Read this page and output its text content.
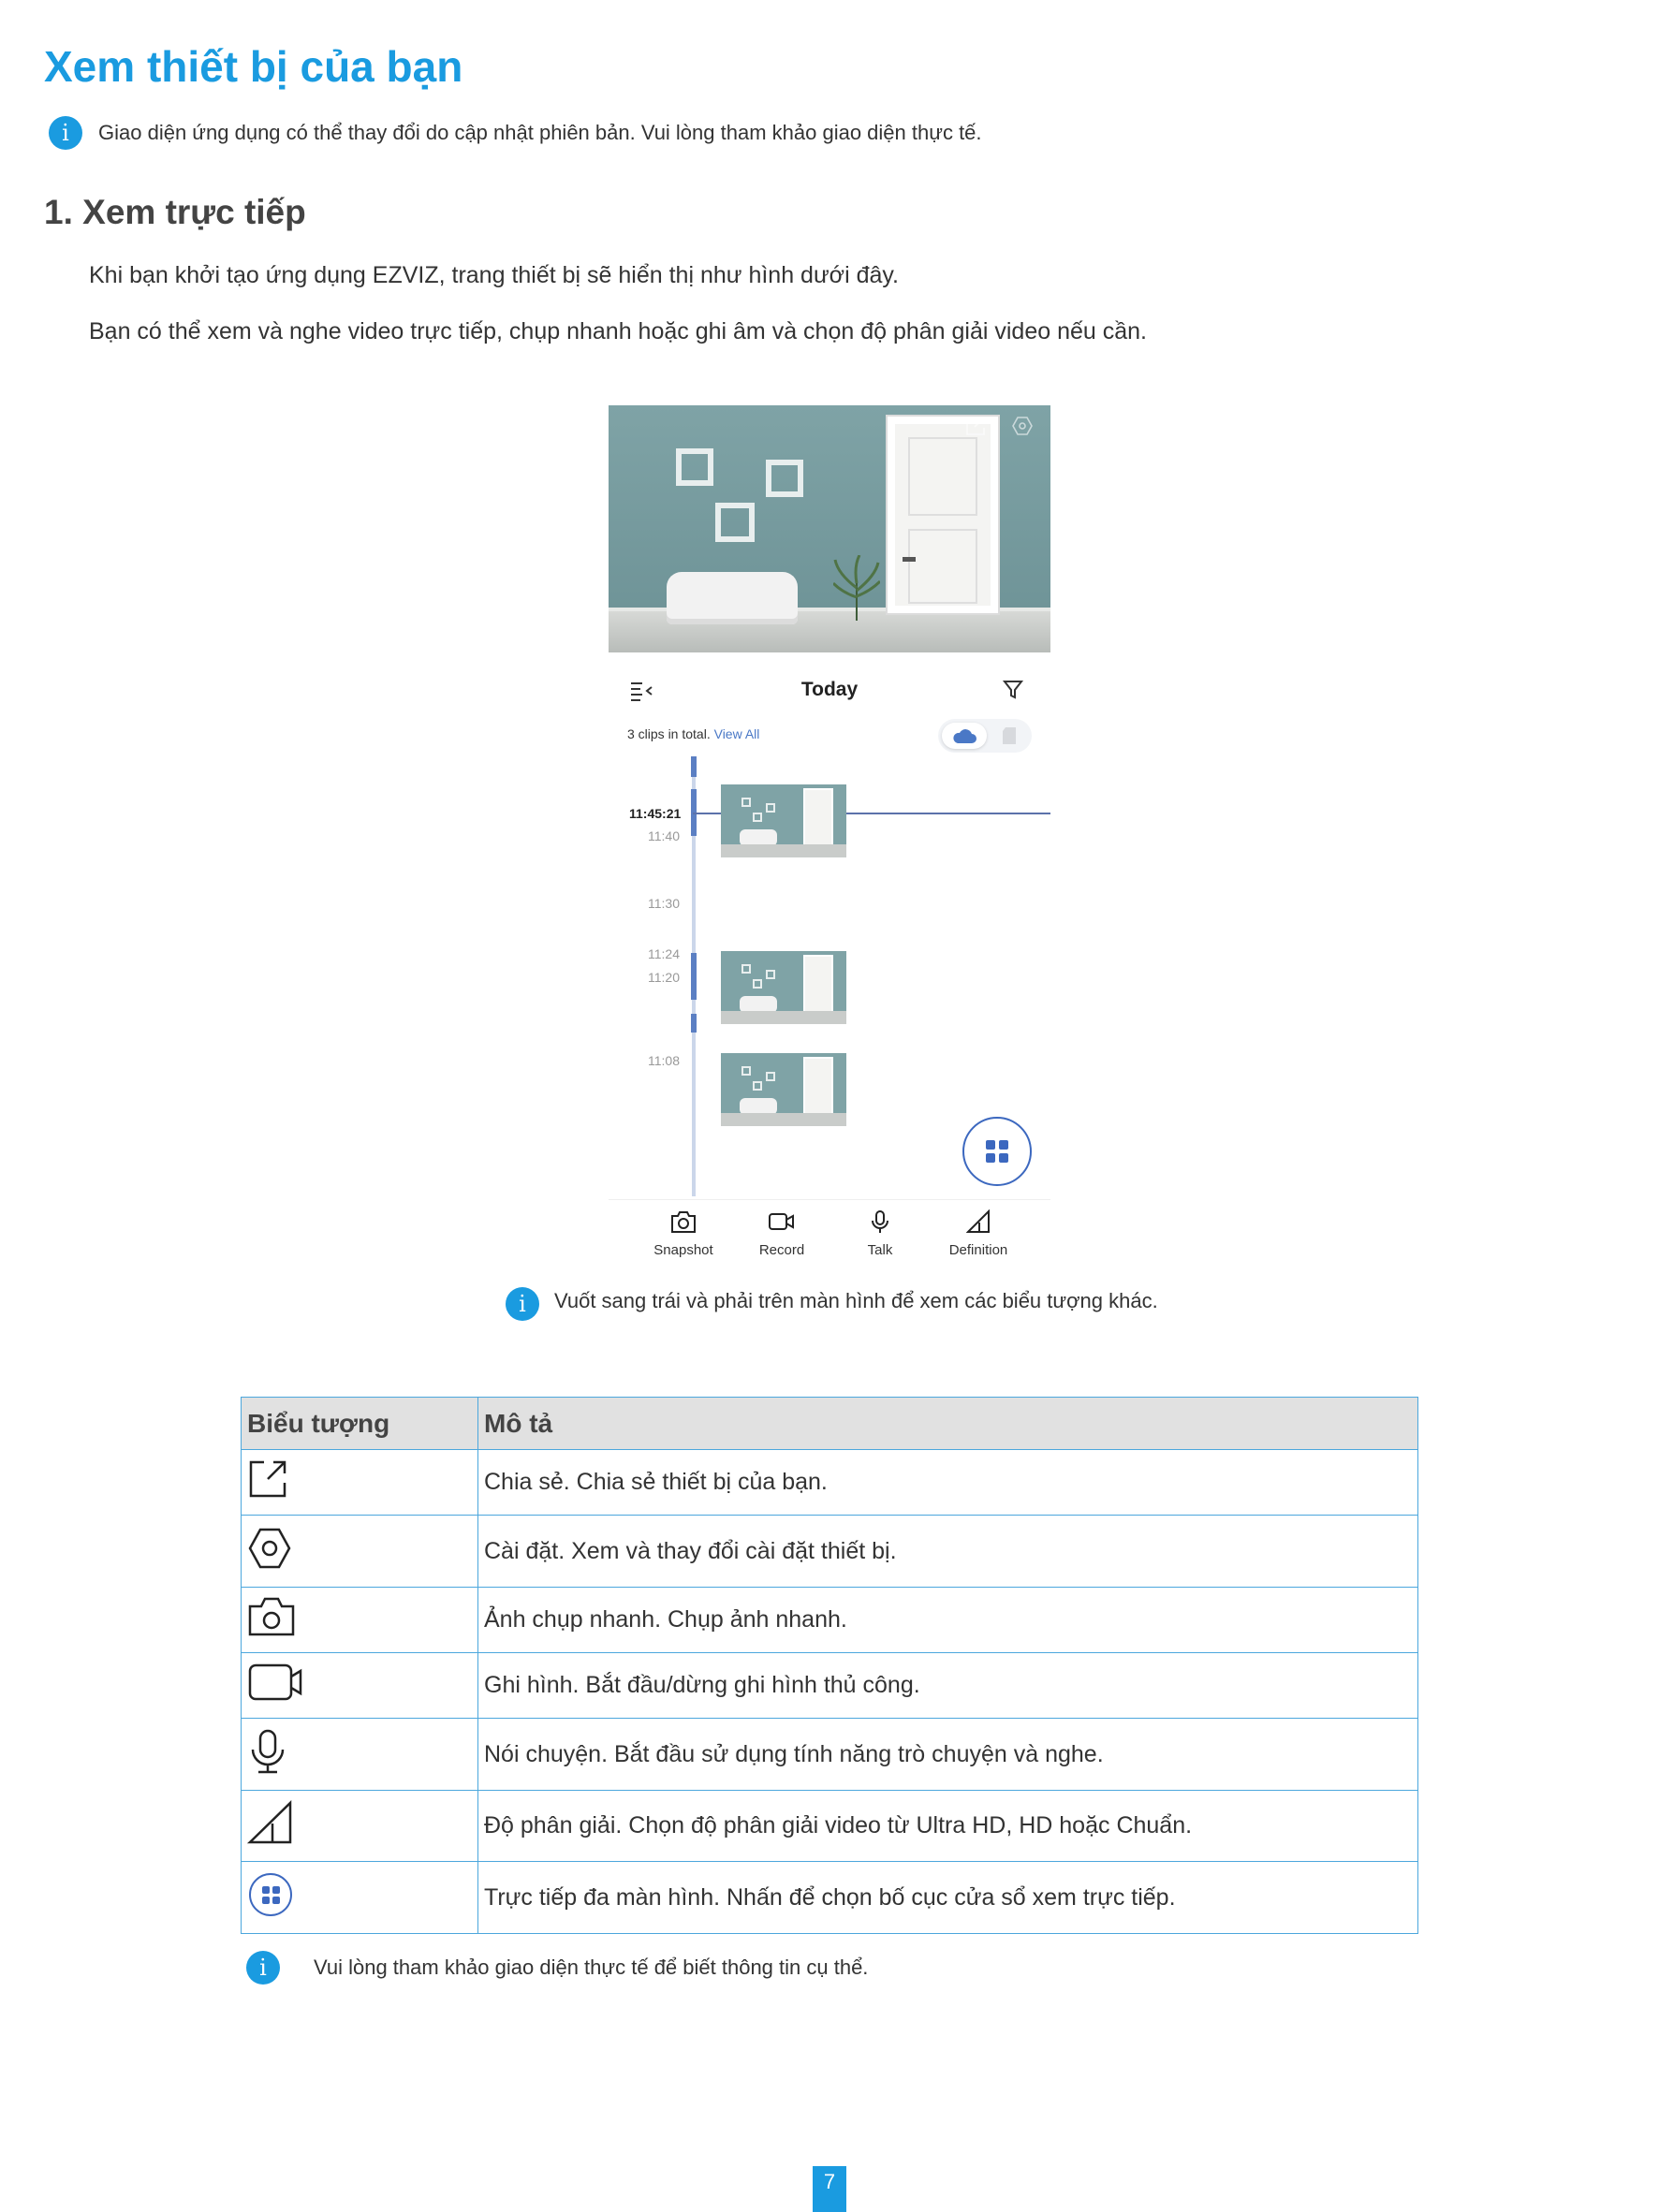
Xem thiết bị của bạn
i	Giao diện ứng dụng có thể thay đổi do cập nhật phiên bản. Vui lòng tham khảo giao diện thực tế.
1. Xem trực tiếp

Khi bạn khởi tạo ứng dụng EZVIZ, trang thiết bị sẽ hiển thị như hình dưới đây.

Bạn có thể xem và nghe video trực tiếp, chụp nhanh hoặc ghi âm và chọn độ phân giải video nếu cần.

Today
3 clips in total. View All
11:45:21
11:40
11:30
11:24
11:20
11:08
Snapshot	Record	Talk	Definition
i	Vuốt sang trái và phải trên màn hình để xem các biểu tượng khác.
Biểu tượng	Mô tả
	Chia sẻ. Chia sẻ thiết bị của bạn.
	Cài đặt. Xem và thay đổi cài đặt thiết bị.
	Ảnh chụp nhanh. Chụp ảnh nhanh.
	Ghi hình. Bắt đầu/dừng ghi hình thủ công.
	Nói chuyện. Bắt đầu sử dụng tính năng trò chuyện và nghe.
	Độ phân giải. Chọn độ phân giải video từ Ultra HD, HD hoặc Chuẩn.
	Trực tiếp đa màn hình. Nhấn để chọn bố cục cửa sổ xem trực tiếp.
i	Vui lòng tham khảo giao diện thực tế để biết thông tin cụ thể.
7
